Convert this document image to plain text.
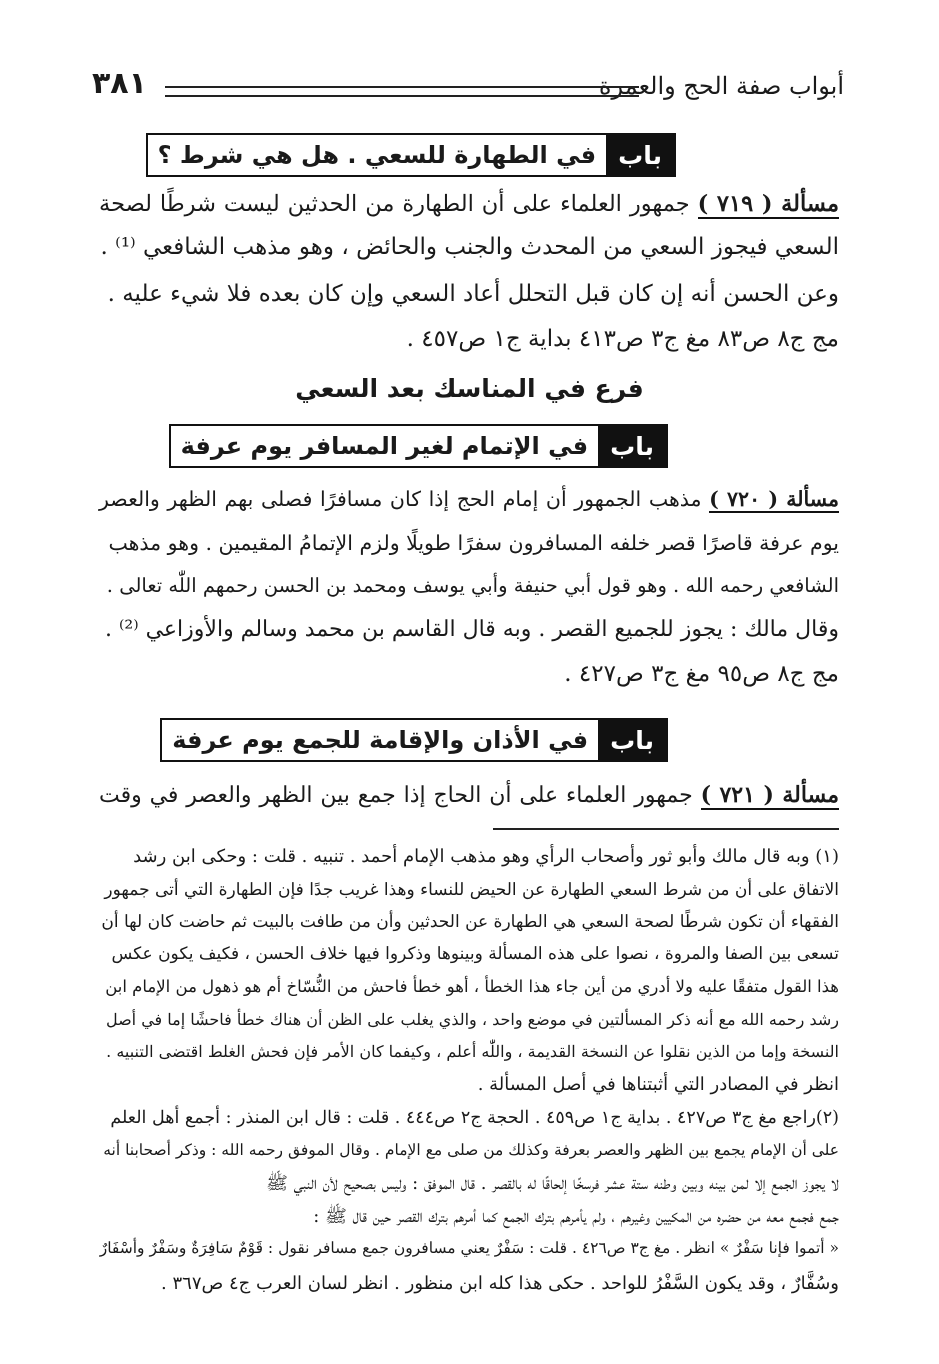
أبواب صفة الحج والعمرة
٣٨١
باب
في الطهارة للسعي . هل هي شرط ؟
مسألة ( ٧١٩ ) جمهور العلماء على أن الطهارة من الحدثين ليست شرطًا لصحة
السعي فيجوز السعي من المحدث والجنب والحائض ، وهو مذهب الشافعي ⁽¹⁾ .
وعن الحسن أنه إن كان قبل التحلل أعاد السعي وإن كان بعده فلا شيء عليه .
مج ج٨ ص٨٣ مغ ج٣ ص٤١٣ بداية ج١ ص٤٥٧ .
فرع في المناسك بعد السعي
باب
في الإتمام لغير المسافر يوم عرفة
مسألة ( ٧٢٠ ) مذهب الجمهور أن إمام الحج إذا كان مسافرًا فصلى بهم الظهر والعصر
يوم عرفة قاصرًا قصر خلفه المسافرون سفرًا طويلًا ولزم الإتمامُ المقيمين . وهو مذهب
الشافعي رحمه الله . وهو قول أبي حنيفة وأبي يوسف ومحمد بن الحسن رحمهم اللّٰه تعالى .
وقال مالك : يجوز للجميع القصر . وبه قال القاسم بن محمد وسالم والأوزاعي ⁽²⁾ .
مج ج٨ ص٩٥ مغ ج٣ ص٤٢٧ .
باب
في الأذان والإقامة للجمع يوم عرفة
مسألة ( ٧٢١ ) جمهور العلماء على أن الحاج إذا جمع بين الظهر والعصر في وقت
(١) وبه قال مالك وأبو ثور وأصحاب الرأي وهو مذهب الإمام أحمد . تنبيه . قلت : وحكى ابن رشد
الاتفاق على أن من شرط السعي الطهارة عن الحيض للنساء وهذا غريب جدًا فإن الطهارة التي أتى جمهور
الفقهاء أن تكون شرطًا لصحة السعي هي الطهارة عن الحدثين وأن من طافت بالبيت ثم حاضت كان لها أن
تسعى بين الصفا والمروة ، نصوا على هذه المسألة وبينوها وذكروا فيها خلاف الحسن ، فكيف يكون عكس
هذا القول متفقًا عليه ولا أدري من أين جاء هذا الخطأ ، أهو خطأ فاحش من النُّسّاخ أم هو ذهول من الإمام ابن
رشد رحمه الله مع أنه ذكر المسألتين في موضع واحد ، والذي يغلب على الظن أن هناك خطأ فاحشًا إما في أصل
النسخة وإما من الذين نقلوا عن النسخة القديمة ، واللّٰه أعلم ، وكيفما كان الأمر فإن فحش الغلط اقتضى التنبيه .
انظر في المصادر التي أثبتناها في أصل المسألة .
(٢)راجع مغ ج٣ ص٤٢٧ . بداية ج١ ص٤٥٩ . الحجة ج٢ ص٤٤٤ . قلت : قال ابن المنذر : أجمع أهل العلم
على أن الإمام يجمع بين الظهر والعصر بعرفة وكذلك من صلى مع الإمام . وقال الموفق رحمه الله : وذكر أصحابنا أنه
لا يجوز الجمع إلا لمن بينه وبين وطنه ستة عشر فرسخًا إلحاقًا له بالقصر . قال الموفق : وليس بصحيح لأن النبي ﷺ
جمع فجمع معه من حضره من المكيين وغيرهم ، ولم يأمرهم بترك الجمع كما أمرهم بترك القصر حين قال ﷺ :
« أتموا فإنا سَفْرٌ » انظر . مغ ج٣ ص٤٢٦ . قلت : سَفْرٌ يعني مسافرون جمع مسافر نقول : قَوْمٌ سَافِرَةٌ وسَفْرٌ وأسْفَارٌ
وسُفَّارٌ ، وقد يكون السَّفْرُ للواحد . حكى هذا كله ابن منظور . انظر لسان العرب ج٤ ص٣٦٧ .
